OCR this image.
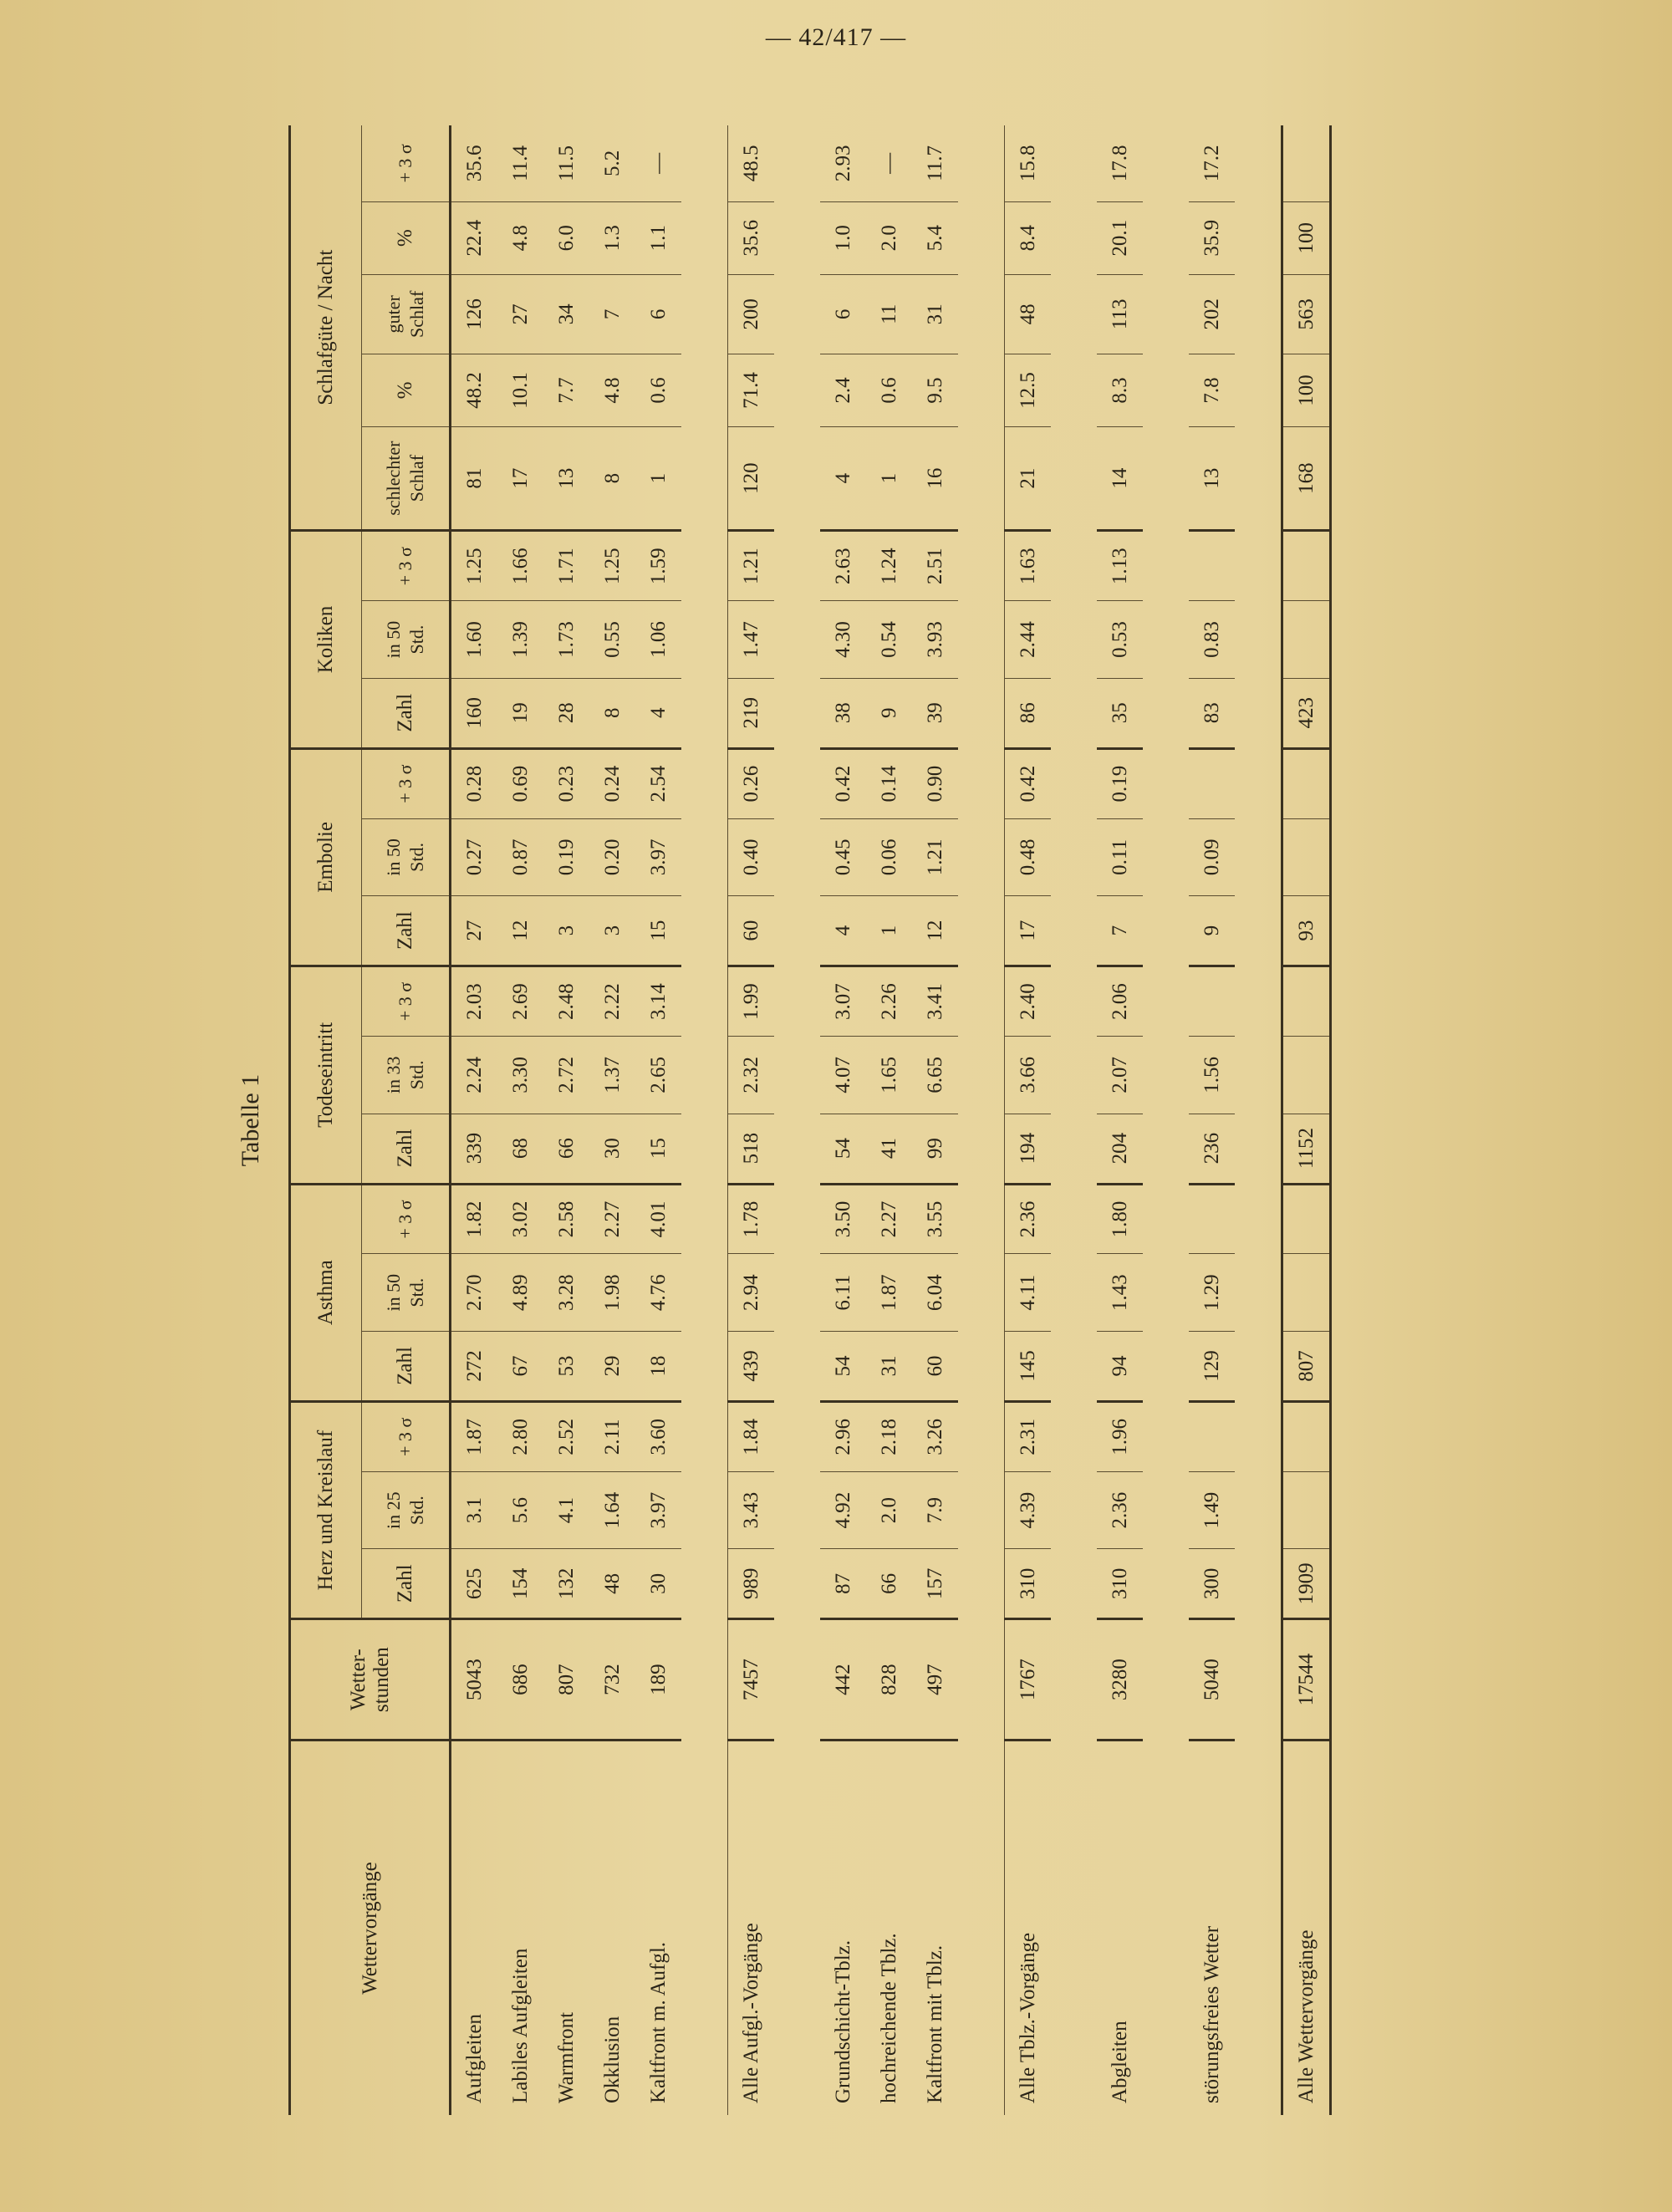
— 42/417 —
Tabelle 1
Wettervorgänge	Wetter-stunden	Herz und Kreislauf			Asthma			Todeseintritt			Embolie			Koliken			Schlafgüte / Nacht				
		Zahl	in 25 Std.	+ 3 σ	Zahl	in 50 Std.	+ 3 σ	Zahl	in 33 Std.	+ 3 σ	Zahl	in 50 Std.	+ 3 σ	Zahl	in 50 Std.	+ 3 σ	schlechter Schlaf	%	guter Schlaf	%	+ 3 σ
Aufgleiten	5043	625	3.1	1.87	272	2.70	1.82	339	2.24	2.03	27	0.27	0.28	160	1.60	1.25	81	48.2	126	22.4	35.6
Labiles Aufgleiten	686	154	5.6	2.80	67	4.89	3.02	68	3.30	2.69	12	0.87	0.69	19	1.39	1.66	17	10.1	27	4.8	11.4
Warmfront	807	132	4.1	2.52	53	3.28	2.58	66	2.72	2.48	3	0.19	0.23	28	1.73	1.71	13	7.7	34	6.0	11.5
Okklusion	732	48	1.64	2.11	29	1.98	2.27	30	1.37	2.22	3	0.20	0.24	8	0.55	1.25	8	4.8	7	1.3	5.2
Kaltfront m. Aufgl.	189	30	3.97	3.60	18	4.76	4.01	15	2.65	3.14	15	3.97	2.54	4	1.06	1.59	1	0.6	6	1.1	—

Alle Aufgl.-Vorgänge	7457	989	3.43	1.84	439	2.94	1.78	518	2.32	1.99	60	0.40	0.26	219	1.47	1.21	120	71.4	200	35.6	48.5

Grundschicht-Tblz.	442	87	4.92	2.96	54	6.11	3.50	54	4.07	3.07	4	0.45	0.42	38	4.30	2.63	4	2.4	6	1.0	2.93
hochreichende Tblz.	828	66	2.0	2.18	31	1.87	2.27	41	1.65	2.26	1	0.06	0.14	9	0.54	1.24	1	0.6	11	2.0	—
Kaltfront mit Tblz.	497	157	7.9	3.26	60	6.04	3.55	99	6.65	3.41	12	1.21	0.90	39	3.93	2.51	16	9.5	31	5.4	11.7

Alle Tblz.-Vorgänge	1767	310	4.39	2.31	145	4.11	2.36	194	3.66	2.40	17	0.48	0.42	86	2.44	1.63	21	12.5	48	8.4	15.8

Abgleiten	3280	310	2.36	1.96	94	1.43	1.80	204	2.07	2.06	7	0.11	0.19	35	0.53	1.13	14	8.3	113	20.1	17.8

störungsfreies Wetter	5040	300	1.49		129	1.29		236	1.56		9	0.09		83	0.83		13	7.8	202	35.9	17.2

Alle Wettervorgänge	17544	1909			807			1152			93			423			168	100	563	100	
